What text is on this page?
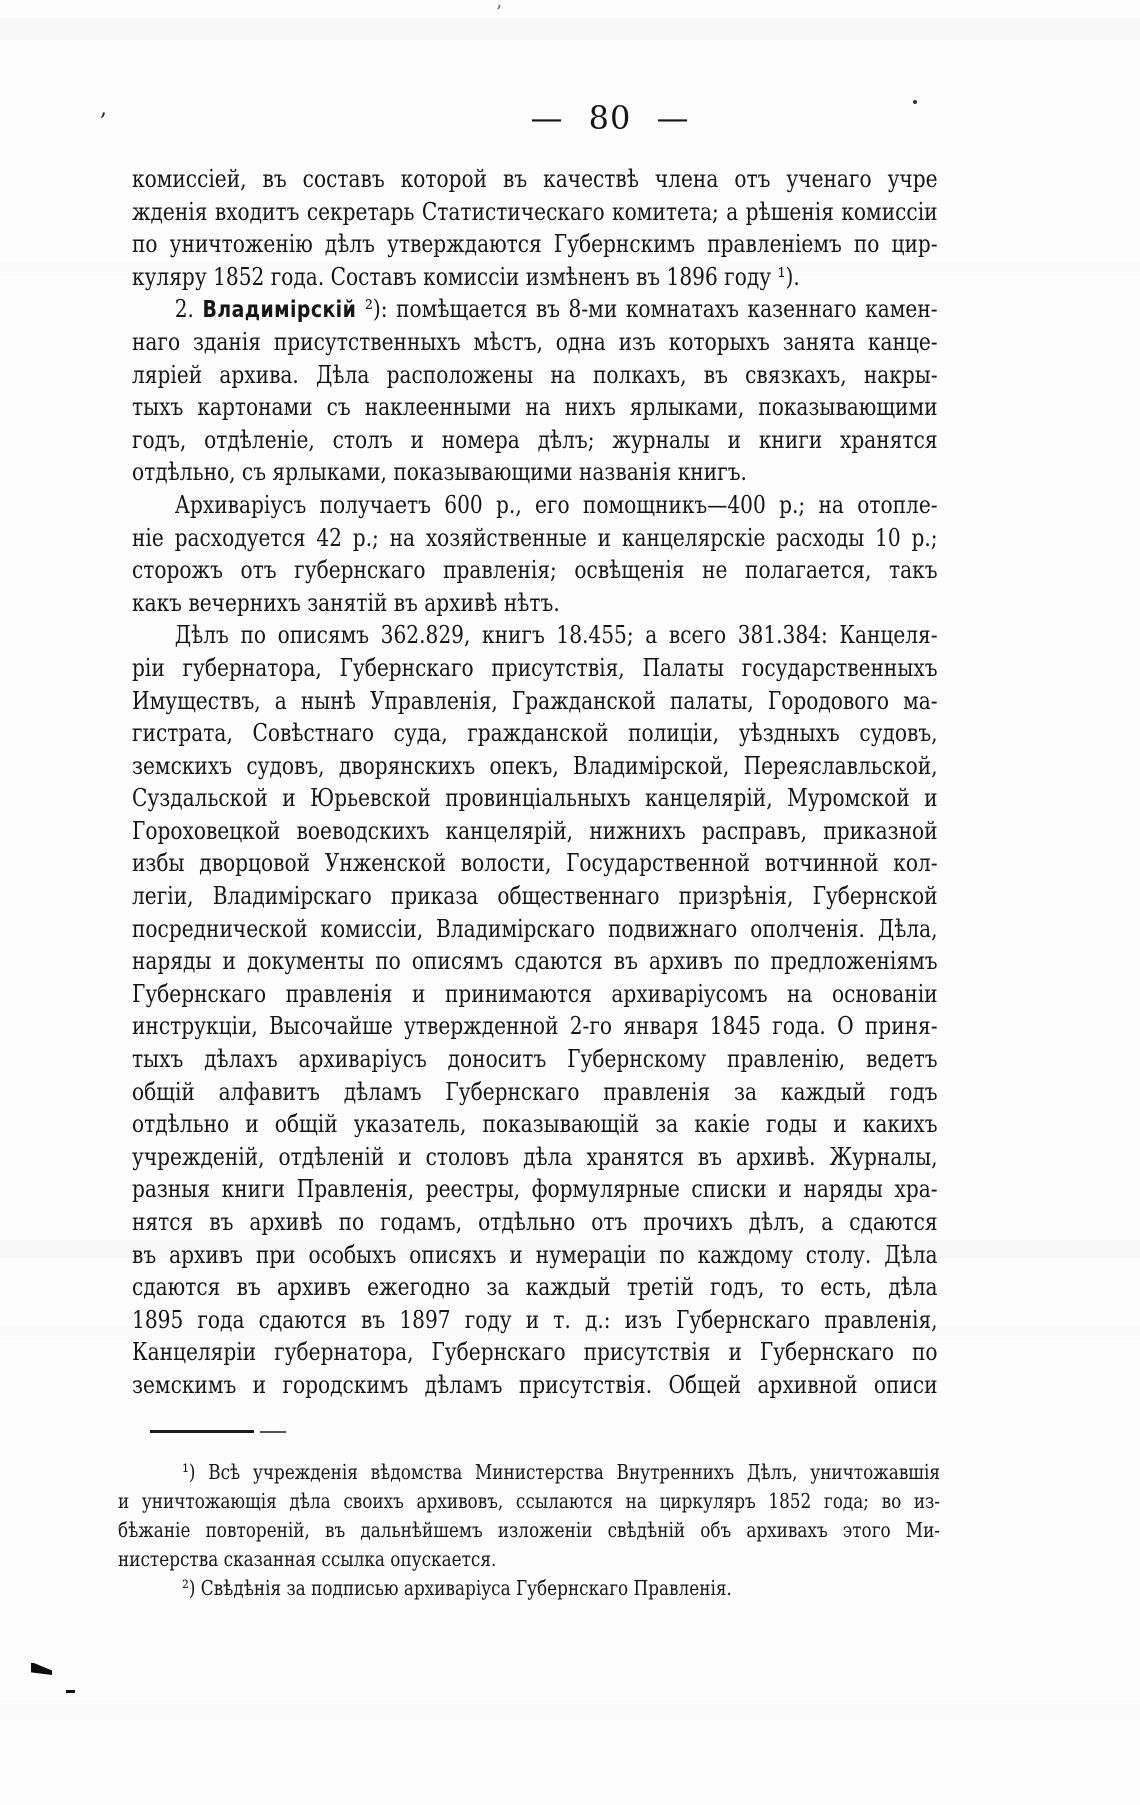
— 80 —
комиссіей, въ составъ которой въ качествѣ члена отъ ученаго учре
жденія входитъ секретарь Статистическаго комитета; а рѣшенія комиссіи
по уничтоженію дѣлъ утверждаются Губернскимъ правленіемъ по цир-
куляру 1852 года. Составъ комиссіи измѣненъ въ 1896 году ¹).
2. Владимірскій ²): помѣщается въ 8-ми комнатахъ казеннаго камен-
наго зданія присутственныхъ мѣстъ, одна изъ которыхъ занята канце-
ляріей архива. Дѣла расположены на полкахъ, въ связкахъ, накры-
тыхъ картонами съ наклеенными на нихъ ярлыками, показывающими
годъ, отдѣленіе, столъ и номера дѣлъ; журналы и книги хранятся
отдѣльно, съ ярлыками, показывающими названія книгъ.
Архиваріусъ получаетъ 600 р., его помощникъ—400 р.; на отопле-
ніе расходуется 42 р.; на хозяйственные и канцелярскіе расходы 10 р.;
сторожъ отъ губернскаго правленія; освѣщенія не полагается, такъ
какъ вечернихъ занятій въ архивѣ нѣтъ.
Дѣлъ по описямъ 362.829, книгъ 18.455; а всего 381.384: Канцеля-
ріи губернатора, Губернскаго присутствія, Палаты государственныхъ
Имуществъ, а нынѣ Управленія, Гражданской палаты, Городового ма-
гистрата, Совѣстнаго суда, гражданской полиціи, уѣздныхъ судовъ,
земскихъ судовъ, дворянскихъ опекъ, Владимірской, Переяславльской,
Суздальской и Юрьевской провинціальныхъ канцелярій, Муромской и
Гороховецкой воеводскихъ канцелярій, нижнихъ расправъ, приказной
избы дворцовой Унженской волости, Государственной вотчинной кол-
легіи, Владимірскаго приказа общественнаго призрѣнія, Губернской
посреднической комиссіи, Владимірскаго подвижнаго ополченія. Дѣла,
наряды и документы по описямъ сдаются въ архивъ по предложеніямъ
Губернскаго правленія и принимаются архиваріусомъ на основаніи
инструкціи, Высочайше утвержденной 2-го января 1845 года. О приня-
тыхъ дѣлахъ архиваріусъ доноситъ Губернскому правленію, ведетъ
общій алфавитъ дѣламъ Губернскаго правленія за каждый годъ
отдѣльно и общій указатель, показывающій за какіе годы и какихъ
учрежденій, отдѣленій и столовъ дѣла хранятся въ архивѣ. Журналы,
разныя книги Правленія, реестры, формулярные списки и наряды хра-
нятся въ архивѣ по годамъ, отдѣльно отъ прочихъ дѣлъ, а сдаются
въ архивъ при особыхъ описяхъ и нумераціи по каждому столу. Дѣла
сдаются въ архивъ ежегодно за каждый третій годъ, то есть, дѣла
1895 года сдаются въ 1897 году и т. д.: изъ Губернскаго правленія,
Канцеляріи губернатора, Губернскаго присутствія и Губернскаго по
земскимъ и городскимъ дѣламъ присутствія. Общей архивной описи
¹) Всѣ учрежденія вѣдомства Министерства Внутреннихъ Дѣлъ, уничтожавшія
и уничтожающія дѣла своихъ архивовъ, ссылаются на циркуляръ 1852 года; во из-
бѣжаніе повтореній, въ дальнѣйшемъ изложеніи свѣдѣній объ архивахъ этого Ми-
нистерства сказанная ссылка опускается.
²) Свѣдѣнія за подписью архиваріуса Губернскаго Правленія.
,
’
